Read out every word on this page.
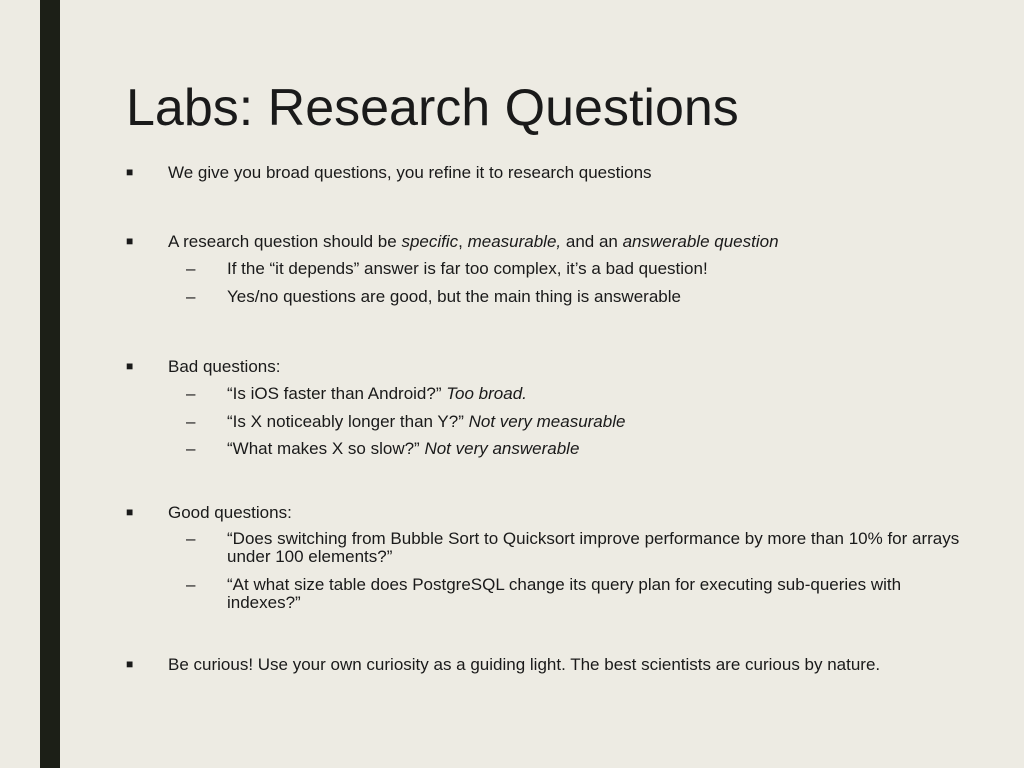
Labs: Research Questions
■ We give you broad questions, you refine it to research questions
■ A research question should be specific, measurable, and an answerable question
– If the “it depends” answer is far too complex, it’s a bad question!
– Yes/no questions are good, but the main thing is answerable
■ Bad questions:
– “Is iOS faster than Android?” Too broad.
– “Is X noticeably longer than Y?” Not very measurable
– “What makes X so slow?” Not very answerable
■ Good questions:
– “Does switching from Bubble Sort to Quicksort improve performance by more than 10% for arrays under 100 elements?”
– “At what size table does PostgreSQL change its query plan for executing sub-queries with indexes?”
■ Be curious! Use your own curiosity as a guiding light. The best scientists are curious by nature.
